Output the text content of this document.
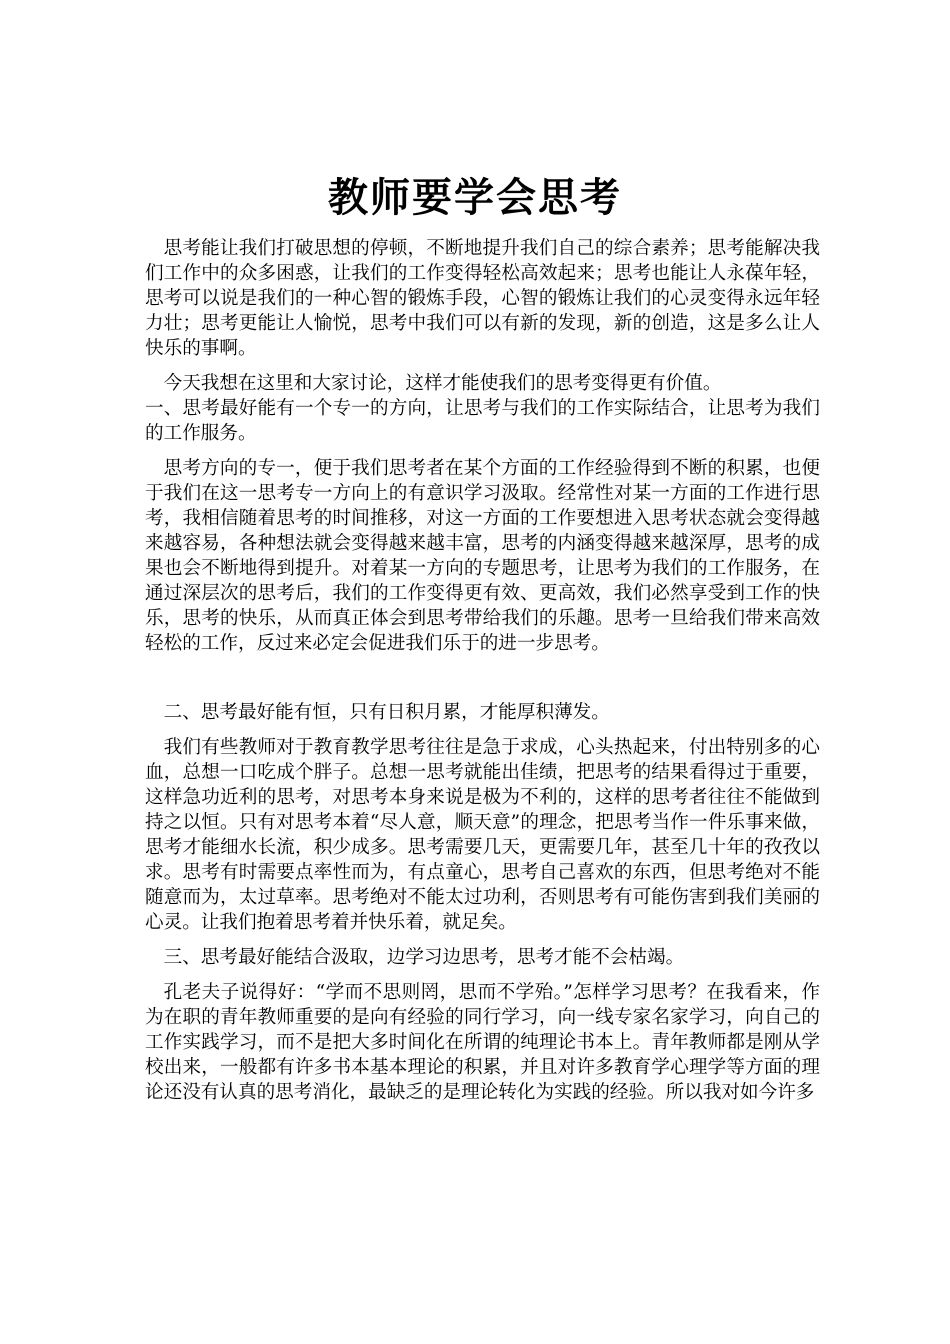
教师要学会思考

思考能让我们打破思想的停顿，不断地提升我们自己的综合素养；思考能解决我们工作中的众多困惑，让我们的工作变得轻松高效起来；思考也能让人永葆年轻，思考可以说是我们的一种心智的锻炼手段，心智的锻炼让我们的心灵变得永远年轻力壮；思考更能让人愉悦，思考中我们可以有新的发现，新的创造，这是多么让人快乐的事啊。

今天我想在这里和大家讨论，这样才能使我们的思考变得更有价值。

一、思考最好能有一个专一的方向，让思考与我们的工作实际结合，让思考为我们的工作服务。

思考方向的专一，便于我们思考者在某个方面的工作经验得到不断的积累，也便于我们在这一思考专一方向上的有意识学习汲取。经常性对某一方面的工作进行思考，我相信随着思考的时间推移，对这一方面的工作要想进入思考状态就会变得越来越容易，各种想法就会变得越来越丰富，思考的内涵变得越来越深厚，思考的成果也会不断地得到提升。对着某一方向的专题思考，让思考为我们的工作服务，在通过深层次的思考后，我们的工作变得更有效、更高效，我们必然享受到工作的快乐，思考的快乐，从而真正体会到思考带给我们的乐趣。思考一旦给我们带来高效轻松的工作，反过来必定会促进我们乐于的进一步思考。

二、思考最好能有恒，只有日积月累，才能厚积薄发。

我们有些教师对于教育教学思考往往是急于求成，心头热起来，付出特别多的心血，总想一口吃成个胖子。总想一思考就能出佳绩，把思考的结果看得过于重要，这样急功近利的思考，对思考本身来说是极为不利的，这样的思考者往往不能做到持之以恒。只有对思考本着“尽人意，顺天意”的理念，把思考当作一件乐事来做，思考才能细水长流，积少成多。思考需要几天，更需要几年，甚至几十年的孜孜以求。思考有时需要点率性而为，有点童心，思考自己喜欢的东西，但思考绝对不能随意而为，太过草率。思考绝对不能太过功利，否则思考有可能伤害到我们美丽的心灵。让我们抱着思考着并快乐着，就足矣。

三、思考最好能结合汲取，边学习边思考，思考才能不会枯竭。

孔老夫子说得好：“学而不思则罔，思而不学殆。”怎样学习思考？在我看来，作为在职的青年教师重要的是向有经验的同行学习，向一线专家名家学习，向自己的工作实践学习，而不是把大多时间化在所谓的纯理论书本上。青年教师都是刚从学校出来，一般都有许多书本基本理论的积累，并且对许多教育学心理学等方面的理论还没有认真的思考消化，最缺乏的是理论转化为实践的经验。所以我对如今许多
